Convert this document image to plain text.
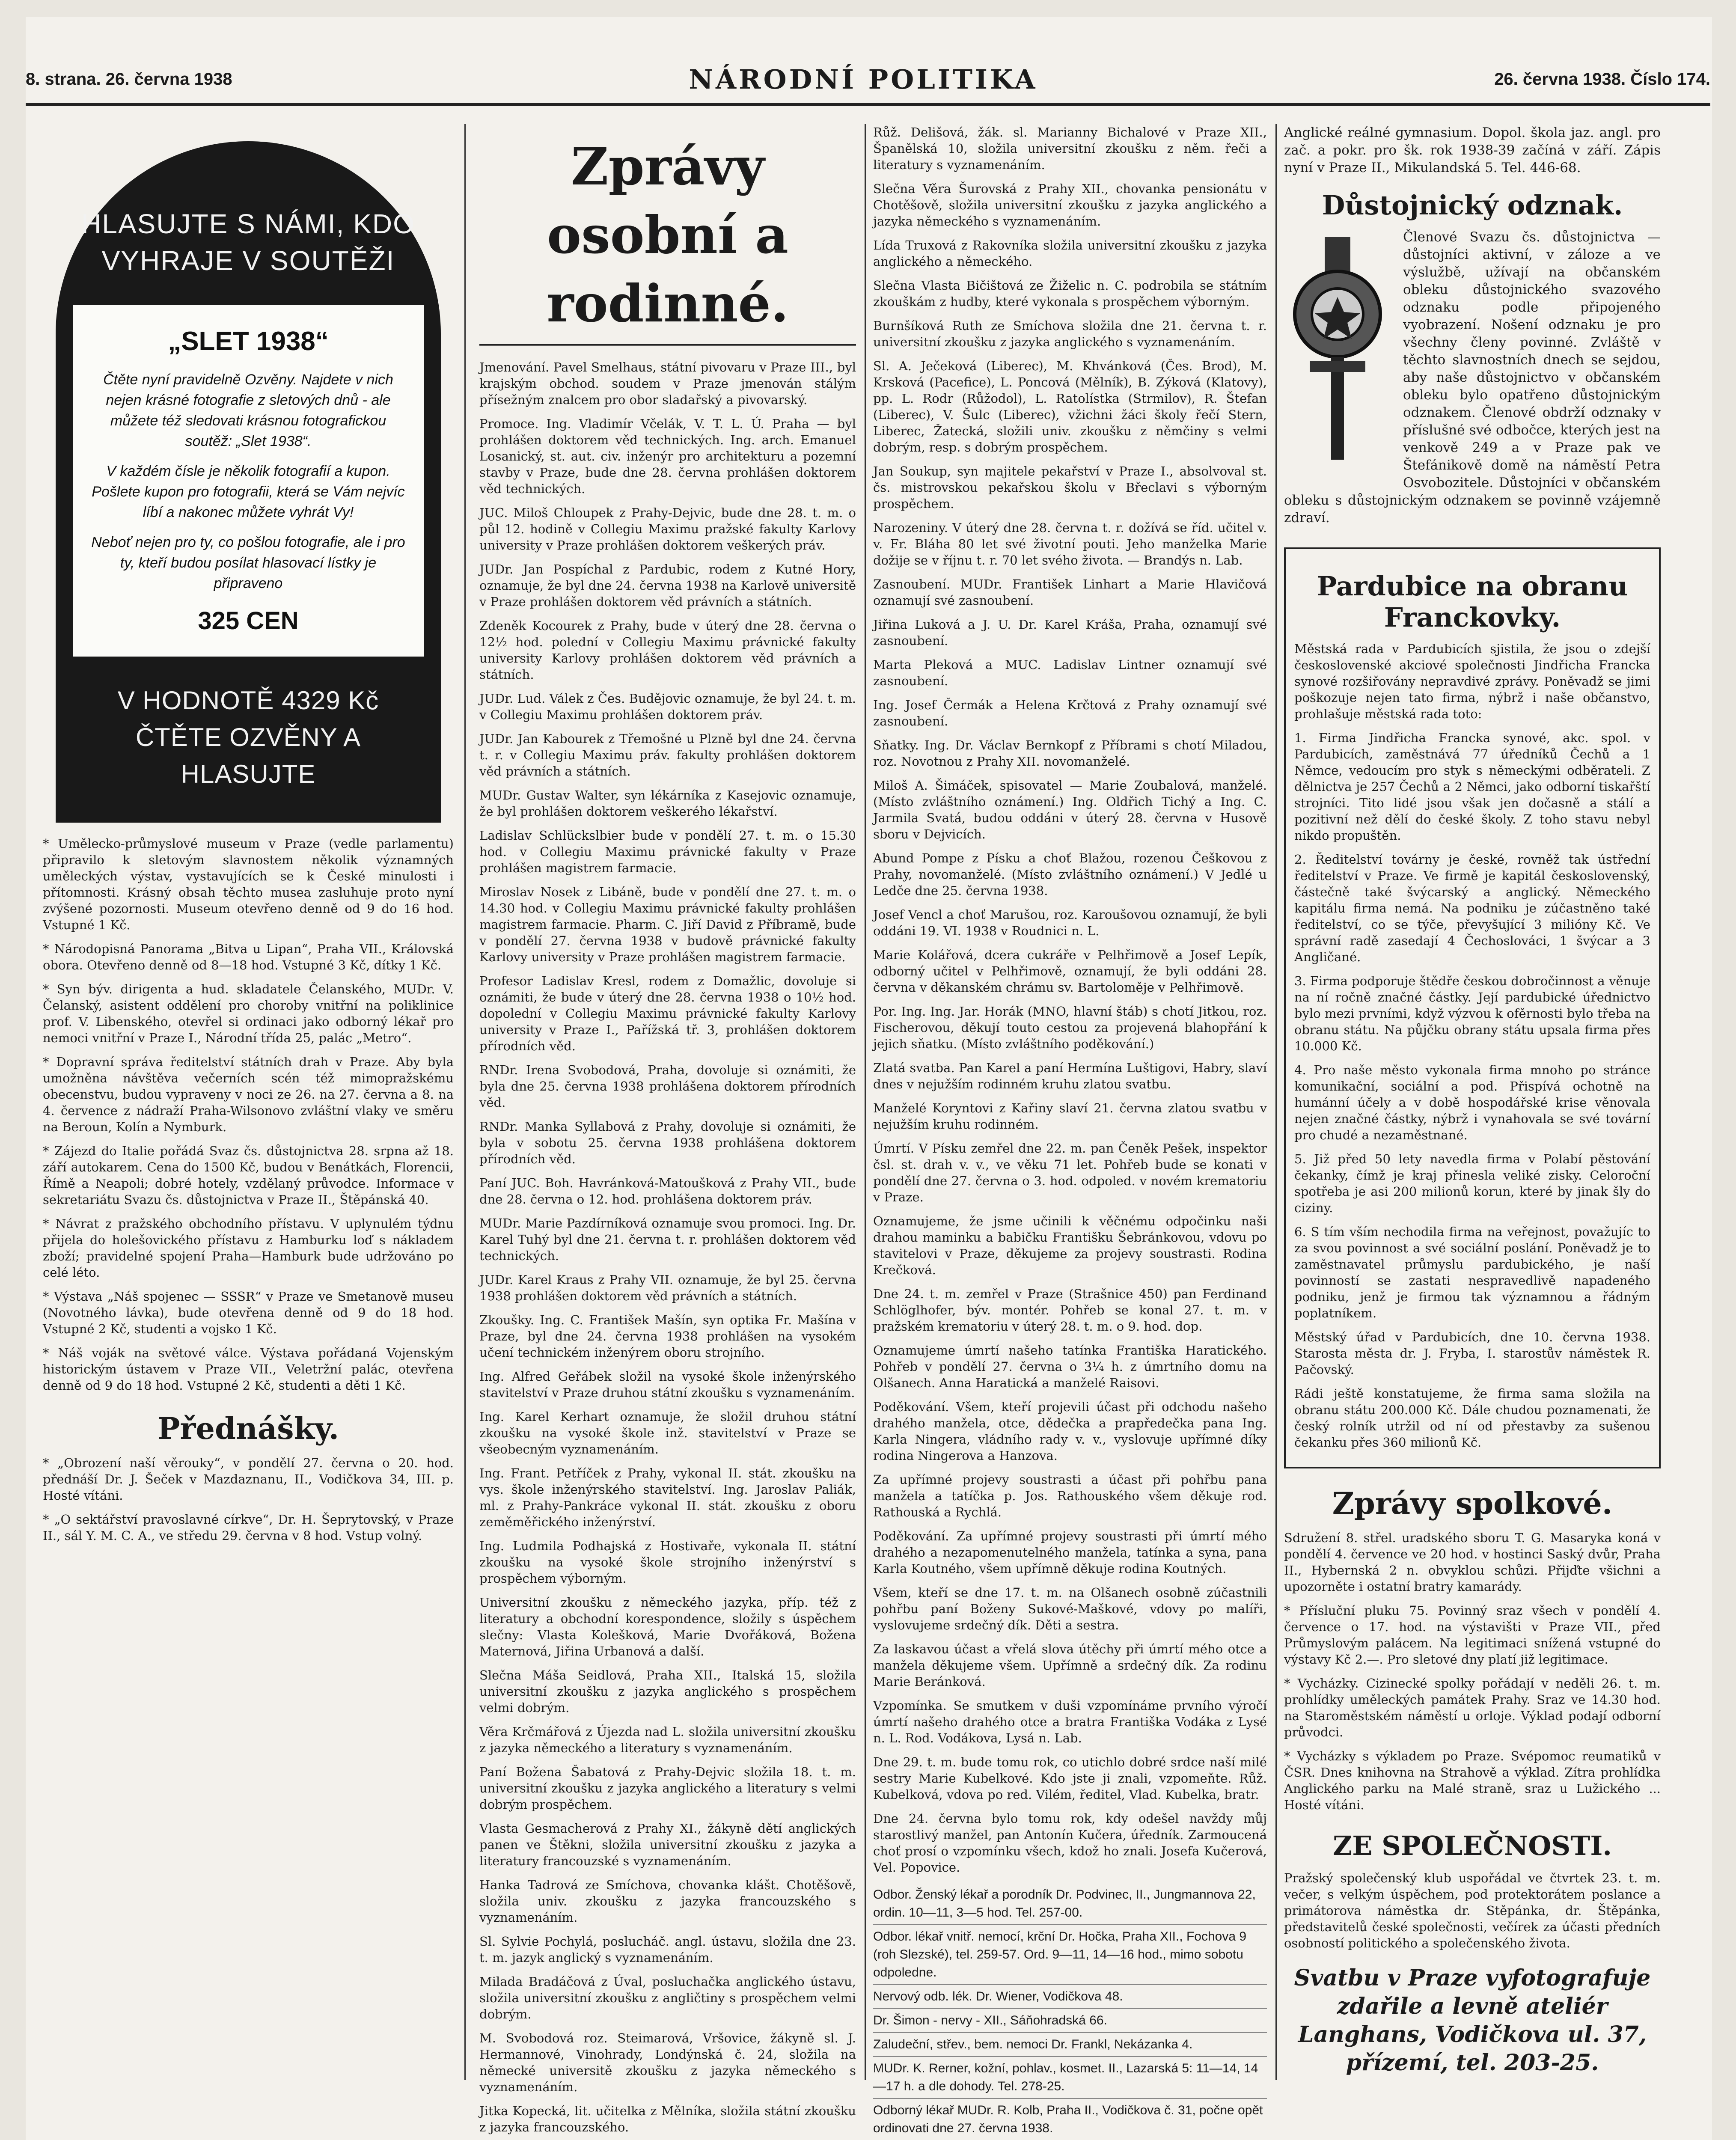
8. strana. 26. června 1938	NÁRODNÍ POLITIKA	26. června 1938. Číslo 174.
HLASUJTE S NÁMI, KDO VYHRAJE V SOUTĚŽI
„SLET 1938“

Čtěte nyní pravidelně Ozvěny. Najdete v nich nejen krásné fotografie z sletových dnů - ale můžete též sledovati krásnou fotografickou soutěž: „Slet 1938“.

V každém čísle je několik fotografií a kupon. Pošlete kupon pro fotografii, která se Vám nejvíc líbí a nakonec můžete vyhrát Vy!

Neboť nejen pro ty, co pošlou fotografie, ale i pro ty, kteří budou posílat hlasovací lístky je připraveno

325 CEN
V HODNOTĚ 4329 Kč ČTĚTE OZVĚNY A HLASUJTE

* Umělecko-průmyslové museum v Praze (vedle parlamentu) připravilo k sletovým slavnostem několik významných uměleckých výstav, vystavujících se k České minulosti i přítomnosti. Krásný obsah těchto musea zasluhuje proto nyní zvýšené pozornosti. Museum otevřeno denně od 9 do 16 hod. Vstupné 1 Kč.

* Národopisná Panorama „Bitva u Lipan“, Praha VII., Královská obora. Otevřeno denně od 8—18 hod. Vstupné 3 Kč, dítky 1 Kč.

* Syn býv. dirigenta a hud. skladatele Čelanského, MUDr. V. Čelanský, asistent oddělení pro choroby vnitřní na poliklinice prof. V. Libenského, otevřel si ordinaci jako odborný lékař pro nemoci vnitřní v Praze I., Národní třída 25, palác „Metro“.

* Dopravní správa ředitelství státních drah v Praze. Aby byla umožněna návštěva večerních scén též mimopražskému obecenstvu, budou vypraveny v noci ze 26. na 27. června a 8. na 4. července z nádraží Praha-Wilsonovo zvláštní vlaky ve směru na Beroun, Kolín a Nymburk.

* Zájezd do Italie pořádá Svaz čs. důstojnictva 28. srpna až 18. září autokarem. Cena do 1500 Kč, budou v Benátkách, Florencii, Římě a Neapoli; dobré hotely, vzdělaný průvodce. Informace v sekretariátu Svazu čs. důstojnictva v Praze II., Štěpánská 40.

* Návrat z pražského obchodního přístavu. V uplynulém týdnu přijela do holešovického přístavu z Hamburku loď s nákladem zboží; pravidelné spojení Praha—Hamburk bude udržováno po celé léto.

* Výstava „Náš spojenec — SSSR“ v Praze ve Smetanově museu (Novotného lávka), bude otevřena denně od 9 do 18 hod. Vstupné 2 Kč, studenti a vojsko 1 Kč.

* Náš voják na světové válce. Výstava pořádaná Vojenským historickým ústavem v Praze VII., Veletržní palác, otevřena denně od 9 do 18 hod. Vstupné 2 Kč, studenti a děti 1 Kč.

Přednášky.

* „Obrození naší věrouky“, v pondělí 27. června o 20. hod. přednáší Dr. J. Šeček v Mazdaznanu, II., Vodičkova 34, III. p. Hosté vítáni.

* „O sektářství pravoslavné církve“, Dr. H. Šeprytovský, v Praze II., sál Y. M. C. A., ve středu 29. června v 8 hod. Vstup volný.

Zprávy osobní a rodinné.

Jmenování. Pavel Smelhaus, státní pivovaru v Praze III., byl krajským obchod. soudem v Praze jmenován stálým přísežným znalcem pro obor sladařský a pivovarský.

Promoce. Ing. Vladimír Včelák, V. T. L. Ú. Praha — byl prohlášen doktorem věd technických. Ing. arch. Emanuel Losanický, st. aut. civ. inženýr pro architekturu a pozemní stavby v Praze, bude dne 28. června prohlášen doktorem věd technických.

JUC. Miloš Chloupek z Prahy-Dejvic, bude dne 28. t. m. o půl 12. hodině v Collegiu Maximu pražské fakulty Karlovy university v Praze prohlášen doktorem veškerých práv.

JUDr. Jan Pospíchal z Pardubic, rodem z Kutné Hory, oznamuje, že byl dne 24. června 1938 na Karlově universitě v Praze prohlášen doktorem věd právních a státních.

Zdeněk Kocourek z Prahy, bude v úterý dne 28. června o 12½ hod. polední v Collegiu Maximu právnické fakulty university Karlovy prohlášen doktorem věd právních a státních.

JUDr. Lud. Válek z Čes. Budějovic oznamuje, že byl 24. t. m. v Collegiu Maximu prohlášen doktorem práv.

JUDr. Jan Kabourek z Třemošné u Plzně byl dne 24. června t. r. v Collegiu Maximu práv. fakulty prohlášen doktorem věd právních a státních.

MUDr. Gustav Walter, syn lékárníka z Kasejovic oznamuje, že byl prohlášen doktorem veškerého lékařství.

Ladislav Schlückslbier bude v pondělí 27. t. m. o 15.30 hod. v Collegiu Maximu právnické fakulty v Praze prohlášen magistrem farmacie.

Miroslav Nosek z Libáně, bude v pondělí dne 27. t. m. o 14.30 hod. v Collegiu Maximu právnické fakulty prohlášen magistrem farmacie. Pharm. C. Jiří David z Příbramě, bude v pondělí 27. června 1938 v budově právnické fakulty Karlovy university v Praze prohlášen magistrem farmacie.

Profesor Ladislav Kresl, rodem z Domažlic, dovoluje si oznámiti, že bude v úterý dne 28. června 1938 o 10½ hod. dopolední v Collegiu Maximu právnické fakulty Karlovy university v Praze I., Pařížská tř. 3, prohlášen doktorem přírodních věd.

RNDr. Irena Svobodová, Praha, dovoluje si oznámiti, že byla dne 25. června 1938 prohlášena doktorem přírodních věd.

RNDr. Manka Syllabová z Prahy, dovoluje si oznámiti, že byla v sobotu 25. června 1938 prohlášena doktorem přírodních věd.

Paní JUC. Boh. Havránková-Matoušková z Prahy VII., bude dne 28. června o 12. hod. prohlášena doktorem práv.

MUDr. Marie Pazdírníková oznamuje svou promoci. Ing. Dr. Karel Tuhý byl dne 21. června t. r. prohlášen doktorem věd technických.

JUDr. Karel Kraus z Prahy VII. oznamuje, že byl 25. června 1938 prohlášen doktorem věd právních a státních.

Zkoušky. Ing. C. František Mašín, syn optika Fr. Mašína v Praze, byl dne 24. června 1938 prohlášen na vysokém učení technickém inženýrem oboru strojního.

Ing. Alfred Geřábek složil na vysoké škole inženýrského stavitelství v Praze druhou státní zkoušku s vyznamenáním.

Ing. Karel Kerhart oznamuje, že složil druhou státní zkoušku na vysoké škole inž. stavitelství v Praze se všeobecným vyznamenáním.

Ing. Frant. Petříček z Prahy, vykonal II. stát. zkoušku na vys. škole inženýrského stavitelství. Ing. Jaroslav Paliák, ml. z Prahy-Pankráce vykonal II. stát. zkoušku z oboru zeměměřického inženýrství.

Ing. Ludmila Podhajská z Hostivaře, vykonala II. státní zkoušku na vysoké škole strojního inženýrství s prospěchem výborným.

Universitní zkoušku z německého jazyka, příp. též z literatury a obchodní korespondence, složily s úspěchem slečny: Vlasta Kolešková, Marie Dvořáková, Božena Maternová, Jiřina Urbanová a další.

Slečna Máša Seidlová, Praha XII., Italská 15, složila universitní zkoušku z jazyka anglického s prospěchem velmi dobrým.

Věra Krčmářová z Újezda nad L. složila universitní zkoušku z jazyka německého a literatury s vyznamenáním.

Paní Božena Šabatová z Prahy-Dejvic složila 18. t. m. universitní zkoušku z jazyka anglického a literatury s velmi dobrým prospěchem.

Vlasta Gesmacherová z Prahy XI., žákyně dětí anglických panen ve Štěkni, složila universitní zkoušku z jazyka a literatury francouzské s vyznamenáním.

Hanka Tadrová ze Smíchova, chovanka klášt. Chotěšově, složila univ. zkoušku z jazyka francouzského s vyznamenáním.

Sl. Sylvie Pochylá, poslucháč. angl. ústavu, složila dne 23. t. m. jazyk anglický s vyznamenáním.

Milada Bradáčová z Úval, posluchačka anglického ústavu, složila universitní zkoušku z angličtiny s prospěchem velmi dobrým.

M. Svobodová roz. Steimarová, Vršovice, žákyně sl. J. Hermannové, Vinohrady, Londýnská č. 24, složila na německé universitě zkoušku z jazyka německého s vyznamenáním.

Jitka Kopecká, lit. učitelka z Mělníka, složila státní zkoušku z jazyka francouzského.

Růž. Delišová, žák. sl. Marianny Bichalové v Praze XII., Španělská 10, složila universitní zkoušku z něm. řeči a literatury s vyznamenáním.

Slečna Věra Šurovská z Prahy XII., chovanka pensionátu v Chotěšově, složila universitní zkoušku z jazyka anglického a jazyka německého s vyznamenáním.

Lída Truxová z Rakovníka složila universitní zkoušku z jazyka anglického a německého.

Slečna Vlasta Bičištová ze Žiželic n. C. podrobila se státním zkouškám z hudby, které vykonala s prospěchem výborným.

Burnšíková Ruth ze Smíchova složila dne 21. června t. r. universitní zkoušku z jazyka anglického s vyznamenáním.

Sl. A. Ječeková (Liberec), M. Khvánková (Čes. Brod), M. Krsková (Pacefice), L. Poncová (Mělník), B. Zýková (Klatovy), pp. L. Rodr (Růžodol), L. Ratolístka (Strmilov), R. Štefan (Liberec), V. Šulc (Liberec), vžichni žáci školy řečí Stern, Liberec, Žatecká, složili univ. zkoušku z němčiny s velmi dobrým, resp. s dobrým prospěchem.

Jan Soukup, syn majitele pekařství v Praze I., absolvoval st. čs. mistrovskou pekařskou školu v Břeclavi s výborným prospěchem.

Narozeniny. V úterý dne 28. června t. r. dožívá se říd. učitel v. v. Fr. Bláha 80 let své životní pouti. Jeho manželka Marie dožije se v říjnu t. r. 70 let svého života. — Brandýs n. Lab.

Zasnoubení. MUDr. František Linhart a Marie Hlavičová oznamují své zasnoubení.

Jiřina Luková a J. U. Dr. Karel Kráša, Praha, oznamují své zasnoubení.

Marta Pleková a MUC. Ladislav Lintner oznamují své zasnoubení.

Ing. Josef Čermák a Helena Krčtová z Prahy oznamují své zasnoubení.

Sňatky. Ing. Dr. Václav Bernkopf z Příbrami s chotí Miladou, roz. Novotnou z Prahy XII. novomanželé.

Miloš A. Šimáček, spisovatel — Marie Zoubalová, manželé. (Místo zvláštního oznámení.) Ing. Oldřich Tichý a Ing. C. Jarmila Svatá, budou oddáni v úterý 28. června v Husově sboru v Dejvicích.

Abund Pompe z Písku a choť Blažou, rozenou Češkovou z Prahy, novomanželé. (Místo zvláštního oznámení.) V Jedlé u Ledče dne 25. června 1938.

Josef Vencl a choť Marušou, roz. Karoušovou oznamují, že byli oddáni 19. VI. 1938 v Roudnici n. L.

Marie Kolářová, dcera cukráře v Pelhřimově a Josef Lepík, odborný učitel v Pelhřimově, oznamují, že byli oddáni 28. června v děkanském chrámu sv. Bartoloměje v Pelhřimově.

Por. Ing. Ing. Jar. Horák (MNO, hlavní štáb) s chotí Jitkou, roz. Fischerovou, děkují touto cestou za projevená blahopřání k jejich sňatku. (Místo zvláštního poděkování.)

Zlatá svatba. Pan Karel a paní Hermína Luštigovi, Habry, slaví dnes v nejužším rodinném kruhu zlatou svatbu.

Manželé Koryntovi z Kařiny slaví 21. června zlatou svatbu v nejužším kruhu rodinném.

Úmrtí. V Písku zemřel dne 22. m. pan Čeněk Pešek, inspektor čsl. st. drah v. v., ve věku 71 let. Pohřeb bude se konati v pondělí dne 27. června o 3. hod. odpoled. v novém krematoriu v Praze.

Oznamujeme, že jsme učinili k věčnému odpočinku naši drahou maminku a babičku Františku Šebránkovou, vdovu po stavitelovi v Praze, děkujeme za projevy soustrasti. Rodina Krečková.

Dne 24. t. m. zemřel v Praze (Strašnice 450) pan Ferdinand Schlöglhofer, býv. montér. Pohřeb se konal 27. t. m. v pražském krematoriu v úterý 28. t. m. o 9. hod. dop.

Oznamujeme úmrtí našeho tatínka Františka Haratického. Pohřeb v pondělí 27. června o 3¼ h. z úmrtního domu na Olšanech. Anna Haratická a manželé Raisovi.

Poděkování. Všem, kteří projevili účast při odchodu našeho drahého manžela, otce, dědečka a prapředečka pana Ing. Karla Ningera, vládního rady v. v., vyslovuje upřímné díky rodina Ningerova a Hanzova.

Za upřímné projevy soustrasti a účast při pohřbu pana manžela a tatíčka p. Jos. Rathouského všem děkuje rod. Rathouská a Rychlá.

Poděkování. Za upřímné projevy soustrasti při úmrtí mého drahého a nezapomenutelného manžela, tatínka a syna, pana Karla Koutného, všem upřímně děkuje rodina Koutných.

Všem, kteří se dne 17. t. m. na Olšanech osobně zúčastnili pohřbu paní Boženy Sukové-Maškové, vdovy po malíři, vyslovujeme srdečný dík. Děti a sestra.

Za laskavou účast a vřelá slova útěchy při úmrtí mého otce a manžela děkujeme všem. Upřímně a srdečný dík. Za rodinu Marie Beránková.

Vzpomínka. Se smutkem v duši vzpomínáme prvního výročí úmrtí našeho drahého otce a bratra Františka Vodáka z Lysé n. L. Rod. Vodákova, Lysá n. Lab.

Dne 29. t. m. bude tomu rok, co utichlo dobré srdce naší milé sestry Marie Kubelkové. Kdo jste ji znali, vzpomeňte. Růž. Kubelková, vdova po red. Vilém, ředitel, Vlad. Kubelka, bratr.

Dne 24. června bylo tomu rok, kdy odešel navždy můj starostlivý manžel, pan Antonín Kučera, úředník. Zarmoucená choť prosí o vzpomínku všech, kdož ho znali. Josefa Kučerová, Vel. Popovice.

Odbor. Ženský lékař a porodník Dr. Podvinec, II., Jungmannova 22, ordin. 10—11, 3—5 hod. Tel. 257-00.
Odbor. lékař vnitř. nemocí, krční Dr. Hočka, Praha XII., Fochova 9 (roh Slezské), tel. 259-57. Ord. 9—11, 14—16 hod., mimo sobotu odpoledne.
Nervový odb. lék. Dr. Wiener, Vodičkova 48.
Dr. Šimon - nervy - XII., Sáňohradská 66.
Zaludeční, střev., bem. nemoci Dr. Frankl, Nekázanka 4.
MUDr. K. Rerner, kožní, pohlav., kosmet. II., Lazarská 5: 11—14, 14—17 h. a dle dohody. Tel. 278-25.
Odborný lékař MUDr. R. Kolb, Praha II., Vodičkova č. 31, počne opět ordinovati dne 27. června 1938.

Anglické reálné gymnasium. Dopol. škola jaz. angl. pro zač. a pokr. pro šk. rok 1938-39 začíná v září. Zápis nyní v Praze II., Mikulandská 5. Tel. 446-68.

Důstojnický odznak.

Členové Svazu čs. důstojnictva — důstojníci aktivní, v záloze a ve výslužbě, užívají na občanském obleku důstojnického svazového odznaku podle připojeného vyobrazení. Nošení odznaku je pro všechny členy povinné. Zvláště v těchto slavnostních dnech se sejdou, aby naše důstojnictvo v občanském obleku bylo opatřeno důstojnickým odznakem. Členové obdrží odznaky v příslušné své odbočce, kterých jest na venkově 249 a v Praze pak ve Štefánikově domě na náměstí Petra Osvobozitele. Důstojníci v občanském obleku s důstojnickým odznakem se povinně vzájemně zdraví.

Pardubice na obranu Franckovky.

Městská rada v Pardubicích sjistila, že jsou o zdejší československé akciové společnosti Jindřicha Francka synové rozšiřovány nepravdivé zprávy. Poněvadž se jimi poškozuje nejen tato firma, nýbrž i naše občanstvo, prohlašuje městská rada toto:

1. Firma Jindřicha Francka synové, akc. spol. v Pardubicích, zaměstnává 77 úředníků Čechů a 1 Němce, vedoucím pro styk s německými odběrateli. Z dělnictva je 257 Čechů a 2 Němci, jako odborní tiskařští strojníci. Tito lidé jsou však jen dočasně a stálí a pozitivní než dělí do české školy. Z toho stavu nebyl nikdo propuštěn.

2. Ředitelství továrny je české, rovněž tak ústřední ředitelství v Praze. Ve firmě je kapitál československý, částečně také švýcarský a anglický. Německého kapitálu firma nemá. Na podniku je zúčastněno také ředitelství, co se týče, převyšující 3 milióny Kč. Ve správní radě zasedají 4 Čechoslováci, 1 švýcar a 3 Angličané.

3. Firma podporuje štědře českou dobročinnost a věnuje na ní ročně značné částky. Její pardubické úřednictvo bylo mezi prvními, když výzvou k ofěrnosti bylo třeba na obranu státu. Na půjčku obrany státu upsala firma přes 10.000 Kč.

4. Pro naše město vykonala firma mnoho po stránce komunikační, sociální a pod. Přispívá ochotně na humánní účely a v době hospodářské krise věnovala nejen značné částky, nýbrž i vynahovala se své tovární pro chudé a nezaměstnané.

5. Již před 50 lety navedla firma v Polabí pěstování čekanky, čímž je kraj přinesla veliké zisky. Celoroční spotřeba je asi 200 milionů korun, které by jinak šly do ciziny.

6. S tím vším nechodila firma na veřejnost, považujíc to za svou povinnost a své sociální poslání. Poněvadž je to zaměstnavatel průmyslu pardubického, je naší povinností se zastati nespravedlivě napadeného podniku, jenž je firmou tak významnou a řádným poplatníkem.

Městský úřad v Pardubicích, dne 10. června 1938. Starosta města dr. J. Fryba, I. starostův náměstek R. Pačovský.

Rádi ještě konstatujeme, že firma sama složila na obranu státu 200.000 Kč. Dále chudou poznamenati, že český rolník utržil od ní od přestavby za sušenou čekanku přes 360 milionů Kč.

Zprávy spolkové.

Sdružení 8. střel. uradského sboru T. G. Masaryka koná v pondělí 4. července ve 20 hod. v hostinci Saský dvůr, Praha II., Hybernská 2 n. obvyklou schůzi. Přijďte všichni a upozorněte i ostatní bratry kamarády.

* Přísluční pluku 75. Povinný sraz všech v pondělí 4. července o 17. hod. na výstavišti v Praze VII., před Průmyslovým palácem. Na legitimaci snížená vstupné do výstavy Kč 2.—. Pro sletové dny platí již legitimace.

* Vycházky. Cizinecké spolky pořádají v neděli 26. t. m. prohlídky uměleckých památek Prahy. Sraz ve 14.30 hod. na Staroměstském náměstí u orloje. Výklad podají odborní průvodci.

* Vycházky s výkladem po Praze. Svépomoc reumatiků v ČSR. Dnes knihovna na Strahově a výklad. Zítra prohlídka Anglického parku na Malé straně, sraz u Lužického ... Hosté vítáni.

ZE SPOLEČNOSTI.

Pražský společenský klub uspořádal ve čtvrtek 23. t. m. večer, s velkým úspěchem, pod protektorátem poslance a primátorova náměstka dr. Stěpánka, dr. Štěpánka, představitelů české společnosti, večírek za účasti předních osobností politického a společenského života.

Svatbu v Praze vyfotografuje zdařile a levně ateliér Langhans, Vodičkova ul. 37, přízemí, tel. 203-25.
